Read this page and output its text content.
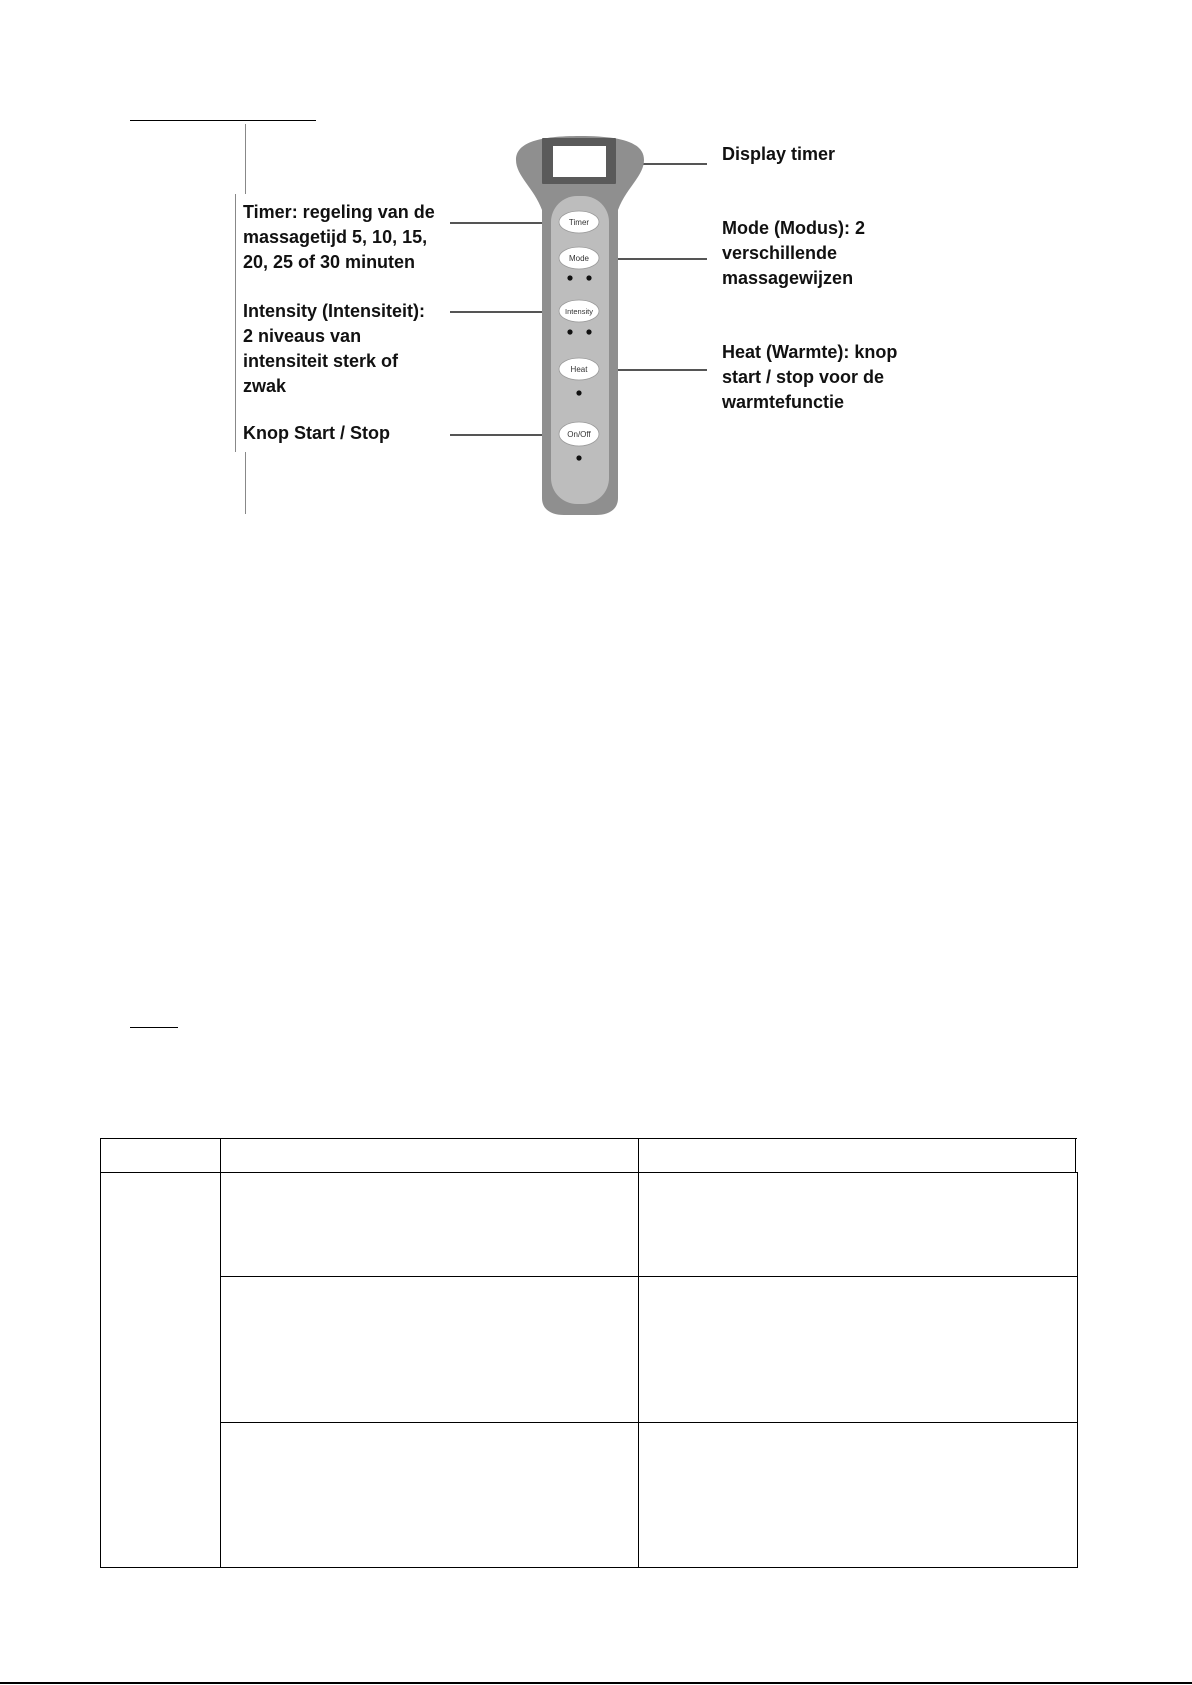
Timer: regeling van de
massagetijd 5, 10, 15,
20, 25 of 30 minuten
Intensity (Intensiteit):
2 niveaus van
intensiteit sterk of
zwak
Knop Start / Stop
Display timer
Mode (Modus): 2
verschillende
massagewijzen
Heat (Warmte): knop
start / stop voor de
warmtefunctie
Timer
Mode
Intensity
Heat
On/Off
